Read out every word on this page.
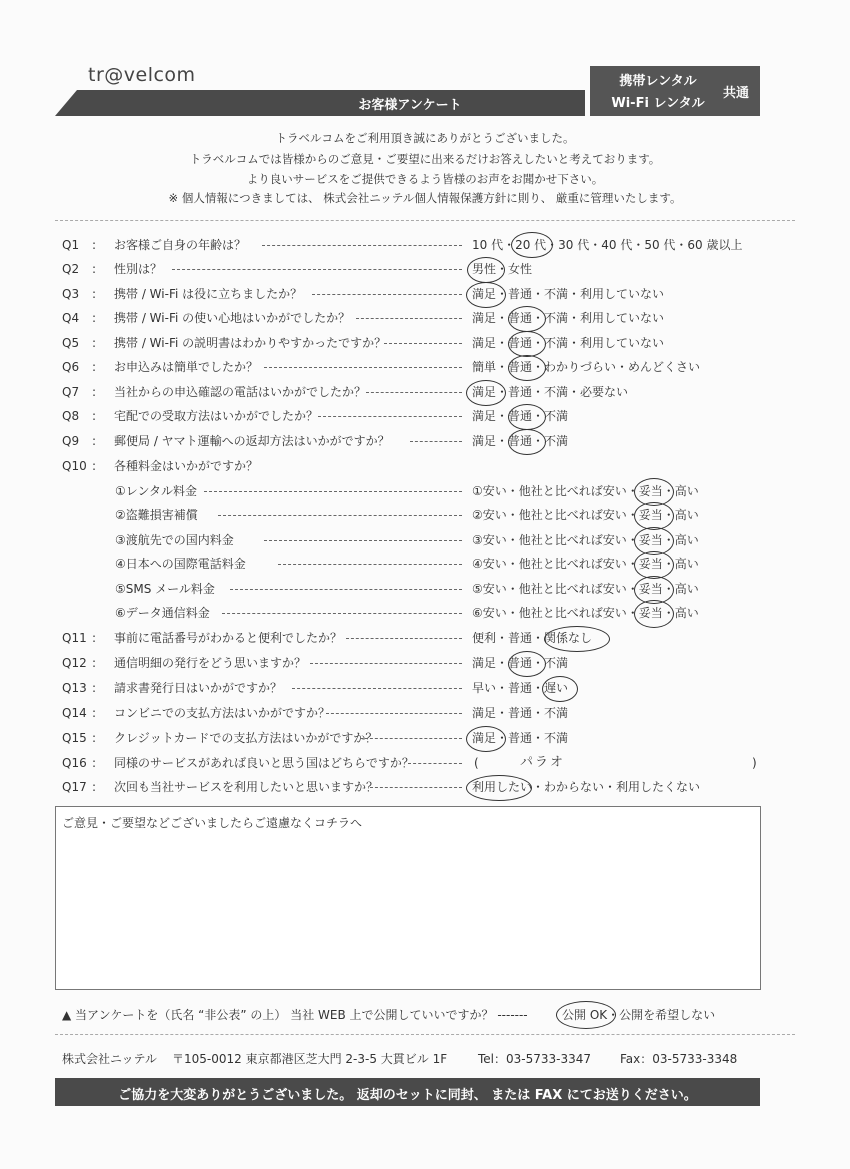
tr@velcom
お客様アンケート
携帯レンタル
Wi-Fi レンタル
共通
トラベルコムをご利用頂き誠にありがとうございました。
トラベルコムでは皆様からのご意見・ご要望に出来るだけお答えしたいと考えております。
より良いサービスをご提供できるよう皆様のお声をお聞かせ下さい。
※ 個人情報につきましては、 株式会社ニッテル個人情報保護方針に則り、 厳重に管理いたします。
Q1 : お客様ご自身の年齢は？	10 代・20 代・30 代・40 代・50 代・60 歳以上
Q2 : 性別は？	男性・女性
Q3 : 携帯 / Wi-Fi は役に立ちましたか？	満足・普通・不満・利用していない
Q4 : 携帯 / Wi-Fi の使い心地はいかがでしたか？	満足・普通・不満・利用していない
Q5 : 携帯 / Wi-Fi の説明書はわかりやすかったですか？	満足・普通・不満・利用していない
Q6 : お申込みは簡単でしたか？	簡単・普通・わかりづらい・めんどくさい
Q7 : 当社からの申込確認の電話はいかがでしたか？	満足・普通・不満・必要ない
Q8 : 宅配での受取方法はいかがでしたか？	満足・普通・不満
Q9 : 郵便局 / ヤマト運輸への返却方法はいかがですか？	満足・普通・不満
Q10 : 各種料金はいかがですか？
①レンタル料金	①安い・他社と比べれば安い・妥当・高い
②盗難損害補償	②安い・他社と比べれば安い・妥当・高い
③渡航先での国内料金	③安い・他社と比べれば安い・妥当・高い
④日本への国際電話料金	④安い・他社と比べれば安い・妥当・高い
⑤SMS メール料金	⑤安い・他社と比べれば安い・妥当・高い
⑥データ通信料金	⑥安い・他社と比べれば安い・妥当・高い
Q11 : 事前に電話番号がわかると便利でしたか？	便利・普通・関係なし
Q12 : 通信明細の発行をどう思いますか？	満足・普通・不満
Q13 : 請求書発行日はいかがですか？	早い・普通・遅い
Q14 : コンビニでの支払方法はいかがですか？	満足・普通・不満
Q15 : クレジットカードでの支払方法はいかがですか？	満足・普通・不満
Q16 : 同様のサービスがあれば良いと思う国はどちらですか？	(	パラオ	)
Q17 : 次回も当社サービスを利用したいと思いますか？	利用したい・わからない・利用したくない
ご意見・ご要望などございましたらご遠慮なくコチラへ
▲ 当アンケートを（氏名 “非公表” の上） 当社 WEB 上で公開していいですか？ -------	公開 OK・公開を希望しない
株式会社ニッテル 〒105-0012 東京都港区芝大門 2-3-5 大貫ビル 1F	Tel：03-5733-3347 Fax：03-5733-3348
ご協力を大変ありがとうございました。 返却のセットに同封、 または FAX にてお送りください。
